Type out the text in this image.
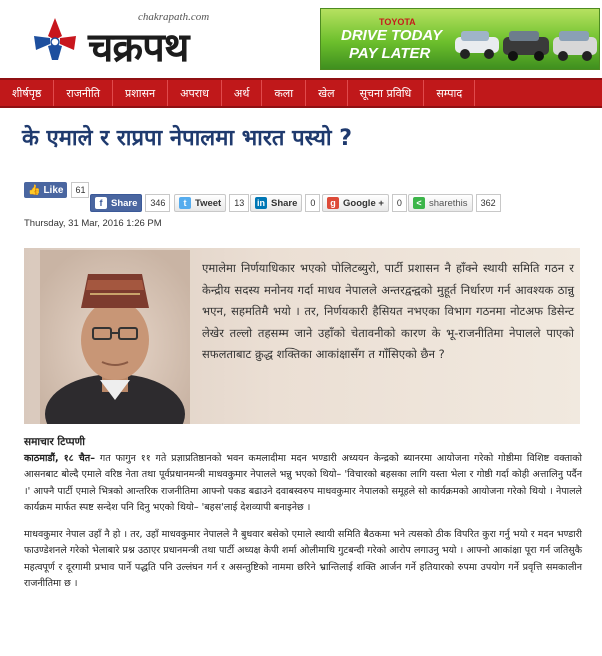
chakrapath.com
चक्रपथ
TOYOTA
DRIVE TODAY
PAY LATER
शीर्षपृष्ठ	राजनीति	प्रशासन	अपराध	अर्थ	कला	खेल	सूचना प्रविधि	सम्पाद
के एमाले र राप्रपा नेपालमा भारत पस्यो ?
👍 Like	61
f Share	346	t Tweet	13	in Share	0	g Google +	0	< sharethis	362
Thursday, 31 Mar, 2016 1:26 PM

एमालेमा निर्णयाधिकार भएको पोलिटब्युरो, पार्टी प्रशासन नै हाँक्ने स्थायी समिति गठन र केन्द्रीय सदस्य मनोनय गर्दा माधव नेपालले अन्तरद्वन्द्वको मुहूर्त निर्धारण गर्न आवश्यक ठान्नु भएन, सहमतिमै भयो । तर, निर्णयकारी हैसियत नभएका विभाग गठनमा नोटअफ डिसेन्ट लेखेर तल्लो तहसम्म जाने उहाँको चेतावनीको कारण के भू-राजनीतिमा नेपालले पाएको सफलताबाट क्रुद्ध शक्तिका आकांक्षासँग त गाँसिएको छैन ?

समाचार टिप्पणी

काठमाडौं, १८ चैत– गत फागुन ११ गते प्रज्ञाप्रतिष्ठानको भवन कमलादीमा मदन भण्डारी अध्ययन केन्द्रको ब्यानरमा आयोजना गरेको गोष्ठीमा विशिष्ट वक्ताको आसनबाट बोल्दै एमाले वरिष्ठ नेता तथा पूर्वप्रधानमन्त्री माधवकुमार नेपालले भन्नु भएको थियो– 'विचारको बहसका लागि यस्ता भेला र गोष्ठी गर्दा कोही अत्तालिनु पर्दैन ।' आफ्नै पार्टी एमाले भित्रको आन्तरिक राजनीतिमा आफ्नो पकड बढाउने दवाबस्वरुप माधवकुमार नेपालको समूहले सो कार्यक्रमको आयोजना गरेको थियो । नेपालले कार्यक्रम मार्फत स्पष्ट सन्देश पनि दिनु भएको थियो– 'बहस'लाई देशव्यापी बनाइनेछ ।

माधवकुमार नेपाल उहाँ नै हो । तर, उहाँ माधवकुमार नेपालले नै बुधवार बसेको एमाले स्थायी समिति बैठकमा भने त्यसको ठीक विपरित कुरा गर्नु भयो र मदन भण्डारी फाउण्डेशनले गरेको भेलाबारे प्रश्न उठाएर प्रधानमन्त्री तथा पार्टी अध्यक्ष केपी शर्मा ओलीमाथि गुटबन्दी गरेको आरोप लगाउनु भयो । आफ्नो आकांक्षा पूरा गर्न जतिसुकै महत्वपूर्ण र दूरगामी प्रभाव पार्ने पद्धति पनि उल्लंघन गर्न र असन्तुष्टिको नाममा छरिने भ्रान्तिलाई शक्ति आर्जन गर्ने हतियारको रुपमा उपयोग गर्ने प्रवृत्ति समकालीन राजनीतिमा छ ।
